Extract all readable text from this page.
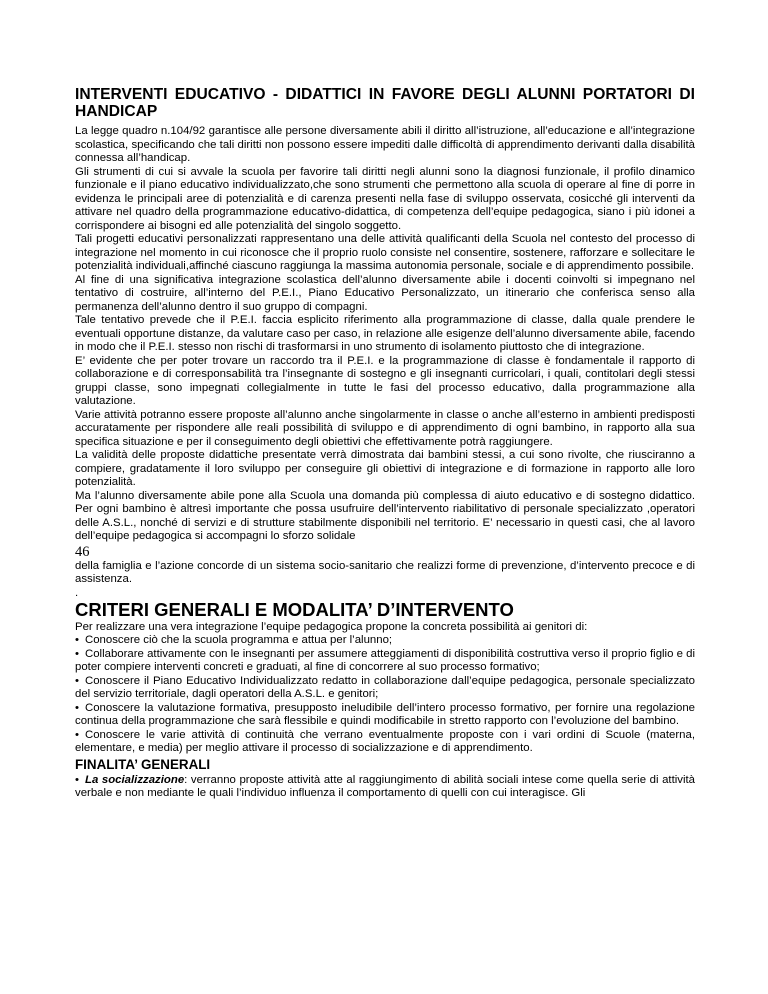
INTERVENTI EDUCATIVO - DIDATTICI IN FAVORE DEGLI ALUNNI PORTATORI DI HANDICAP

La legge quadro n.104/92 garantisce alle persone diversamente abili il diritto all’istruzione, all’educazione e all’integrazione scolastica, specificando che tali diritti non possono essere impediti dalle difficoltà di apprendimento derivanti dalla disabilità connessa all’handicap.

Gli strumenti di cui si avvale la scuola per favorire tali diritti negli alunni sono la diagnosi funzionale, il profilo dinamico funzionale e il piano educativo individualizzato,che sono strumenti che permettono alla scuola di operare al fine di porre in evidenza le principali aree di potenzialità e di carenza presenti nella fase di sviluppo osservata, cosicché gli interventi da attivare nel quadro della programmazione educativo-didattica, di competenza dell’equipe pedagogica, siano i più idonei a corrispondere ai bisogni ed alle potenzialità del singolo soggetto.

Tali progetti educativi personalizzati rappresentano una delle attività qualificanti della Scuola nel contesto del processo di integrazione nel momento in cui riconosce che il proprio ruolo consiste nel consentire, sostenere, rafforzare e sollecitare le potenzialità individuali,affinché ciascuno raggiunga la massima autonomia personale, sociale e di apprendimento possibile.

Al fine di una significativa integrazione scolastica dell’alunno diversamente abile i docenti coinvolti si impegnano nel tentativo di costruire, all’interno del P.E.I., Piano Educativo Personalizzato, un itinerario che conferisca senso alla permanenza dell’alunno dentro il suo gruppo di compagni.

Tale tentativo prevede che il P.E.I. faccia esplicito riferimento alla programmazione di classe, dalla quale prendere le eventuali opportune distanze, da valutare caso per caso, in relazione alle esigenze dell’alunno diversamente abile, facendo in modo che il P.E.I. stesso non rischi di trasformarsi in uno strumento di isolamento piuttosto che di integrazione.

E’ evidente che per poter trovare un raccordo tra il P.E.I. e la programmazione di classe è fondamentale il rapporto di collaborazione e di corresponsabilità tra l’insegnante di sostegno e gli insegnanti curricolari, i quali, contitolari degli stessi gruppi classe, sono impegnati collegialmente in tutte le fasi del processo educativo, dalla programmazione alla valutazione.

Varie attività potranno essere proposte all’alunno anche singolarmente in classe o anche all’esterno in ambienti predisposti accuratamente per rispondere alle reali possibilità di sviluppo e di apprendimento di ogni bambino, in rapporto alla sua specifica situazione e per il conseguimento degli obiettivi che effettivamente potrà raggiungere.

La validità delle proposte didattiche presentate verrà dimostrata dai bambini stessi, a cui sono rivolte, che riusciranno a compiere, gradatamente il loro sviluppo per conseguire gli obiettivi di integrazione e di formazione in rapporto alle loro potenzialità.

Ma l’alunno diversamente abile pone alla Scuola una domanda più complessa di aiuto educativo e di sostegno didattico. Per ogni bambino è altresì importante che possa usufruire dell’intervento riabilitativo di personale specializzato ,operatori delle A.S.L., nonché di servizi e di strutture stabilmente disponibili nel territorio. E’ necessario in questi casi, che al lavoro dell’equipe pedagogica si accompagni lo sforzo solidale

46

della famiglia e l’azione concorde di un sistema socio-sanitario che realizzi forme di prevenzione, d’intervento precoce e di assistenza.

.

CRITERI GENERALI E MODALITA’ D’INTERVENTO

Per realizzare una vera integrazione l’equipe pedagogica propone la concreta possibilità ai genitori di:

• Conoscere ciò che la scuola programma e attua per l’alunno;

• Collaborare attivamente con le insegnanti per assumere atteggiamenti di disponibilità costruttiva verso il proprio figlio e di poter compiere interventi concreti e graduati, al fine di concorrere al suo processo formativo;

• Conoscere il Piano Educativo Individualizzato redatto in collaborazione dall’equipe pedagogica, personale specializzato del servizio territoriale, dagli operatori della A.S.L. e genitori;

• Conoscere la valutazione formativa, presupposto ineludibile dell’intero processo formativo, per fornire una regolazione continua della programmazione che sarà flessibile e quindi modificabile in stretto rapporto con l’evoluzione del bambino.

• Conoscere le varie attività di continuità che verrano eventualmente proposte con i vari ordini di Scuole (materna, elementare, e media) per meglio attivare il processo di socializzazione e di apprendimento.

FINALITA’ GENERALI

• La socializzazione: verranno proposte attività atte al raggiungimento di abilità sociali intese come quella serie di attività verbale e non mediante le quali l’individuo influenza il comportamento di quelli con cui interagisce. Gli
